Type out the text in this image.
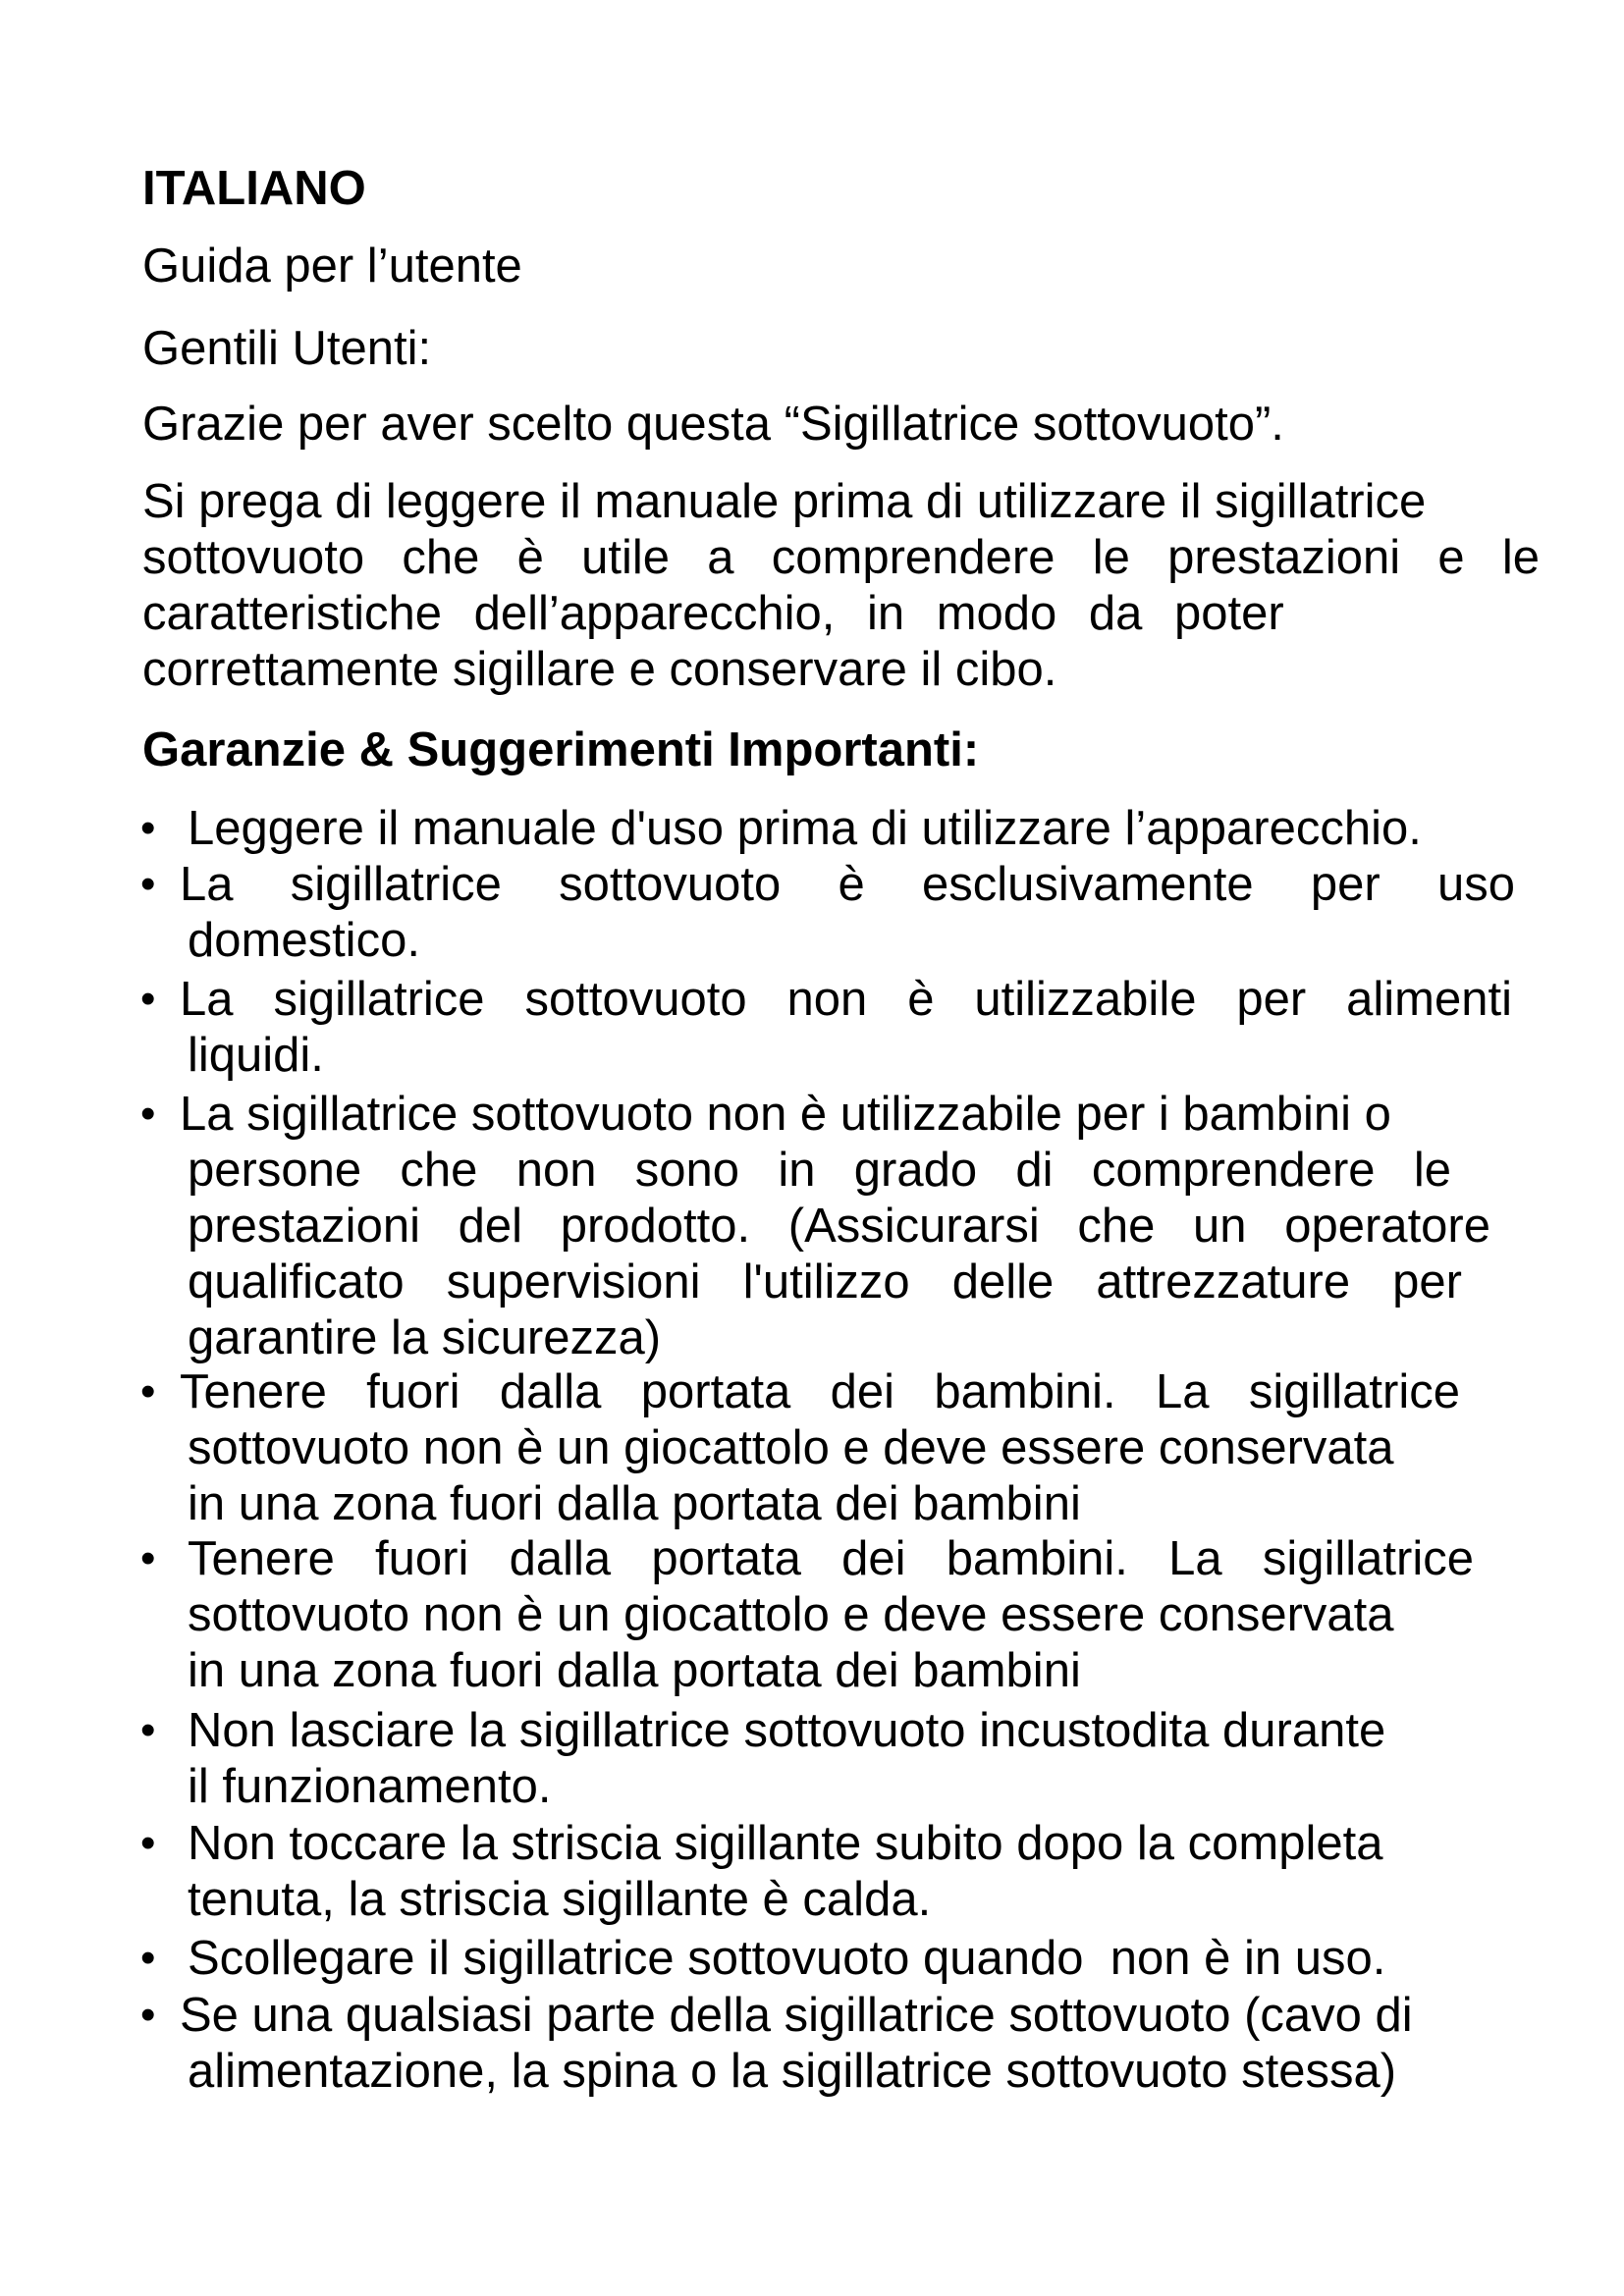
ITALIANO
Guida per l’utente
Gentili Utenti:
Grazie per aver scelto questa “Sigillatrice sottovuoto”.
Si prega di leggere il manuale prima di utilizzare il sigillatrice
sottovuoto che è utile a comprendere le prestazioni e le
caratteristiche dell’apparecchio, in modo da poter
correttamente sigillare e conservare il cibo.
Garanzie & Suggerimenti Importanti:
• Leggere il manuale d'uso prima di utilizzare l’apparecchio.
• La sigillatrice sottovuoto è esclusivamente per uso
domestico.
• La sigillatrice sottovuoto non è utilizzabile per alimenti
liquidi.
• La sigillatrice sottovuoto non è utilizzabile per i bambini o
persone che non sono in grado di comprendere le
prestazioni del prodotto. (Assicurarsi che un operatore
qualificato supervisioni l'utilizzo delle attrezzature per
garantire la sicurezza)
• Tenere fuori dalla portata dei bambini. La sigillatrice
sottovuoto non è un giocattolo e deve essere conservata
in una zona fuori dalla portata dei bambini
• Tenere fuori dalla portata dei bambini. La sigillatrice
sottovuoto non è un giocattolo e deve essere conservata
in una zona fuori dalla portata dei bambini
• Non lasciare la sigillatrice sottovuoto incustodita durante
il funzionamento.
• Non toccare la striscia sigillante subito dopo la completa
tenuta, la striscia sigillante è calda.
• Scollegare il sigillatrice sottovuoto quando  non è in uso.
• Se una qualsiasi parte della sigillatrice sottovuoto (cavo di
alimentazione, la spina o la sigillatrice sottovuoto stessa)
